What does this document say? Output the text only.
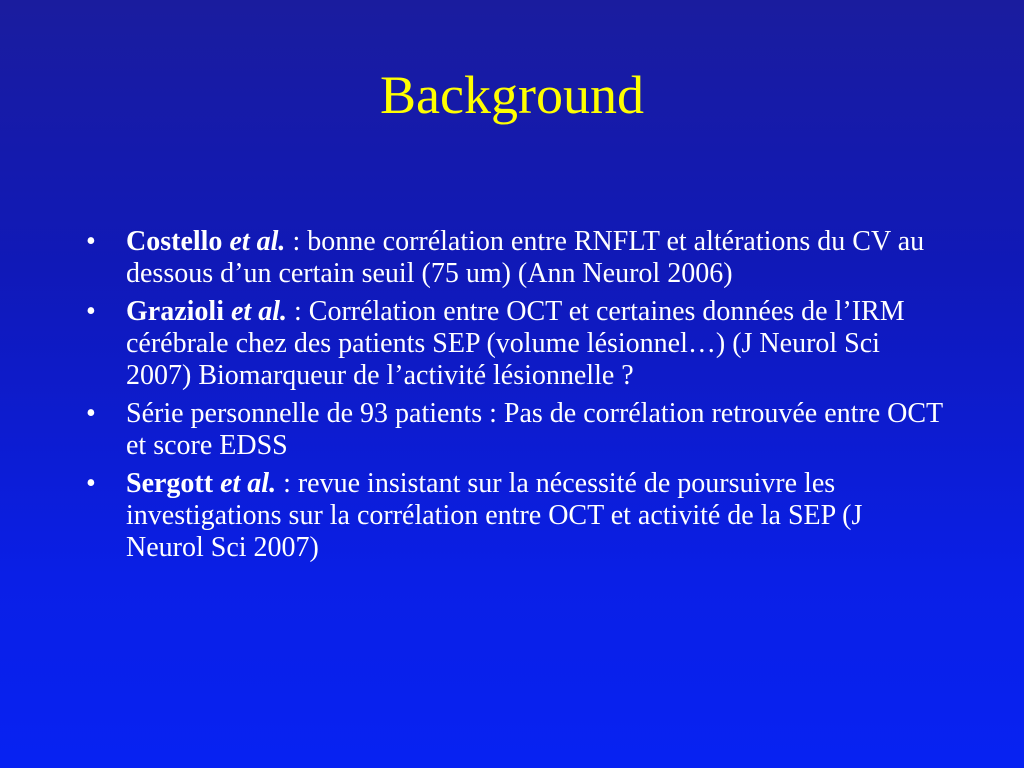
Background
•	Costello et al. : bonne corrélation entre RNFLT et altérations du CV au dessous d’un certain seuil (75 um) (Ann Neurol 2006)
•	Grazioli et al. : Corrélation entre OCT et certaines données de l’IRM cérébrale chez des patients SEP (volume lésionnel…) (J Neurol Sci 2007) Biomarqueur de l’activité lésionnelle ?
•	Série personnelle de 93 patients : Pas de corrélation retrouvée entre OCT et score EDSS
•	Sergott et al. : revue insistant sur la nécessité de poursuivre les investigations sur la corrélation entre OCT et activité de la SEP (J Neurol Sci 2007)
